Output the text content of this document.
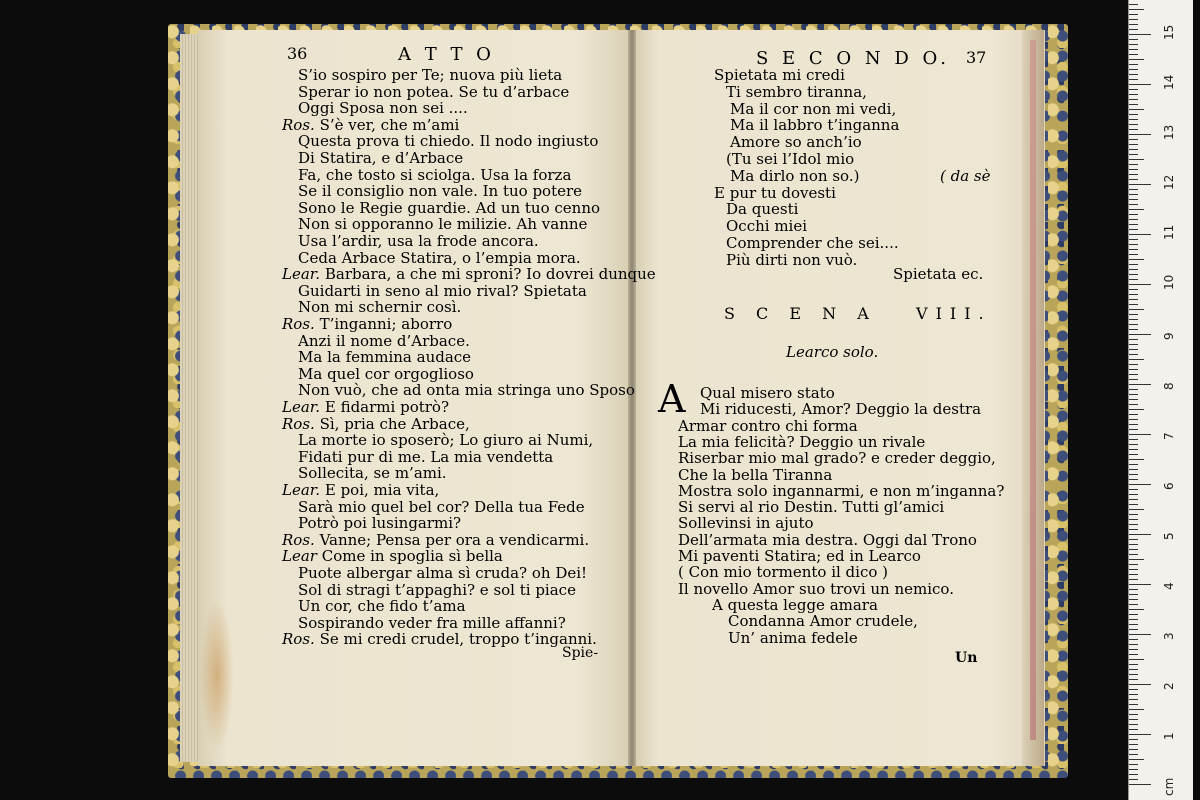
36	A T T O
S’io sospiro per Te; nuova più lieta
Sperar io non potea. Se tu d’arbace
Oggi Sposa non sei ....
Ros. S’è ver, che m’ami
Questa prova ti chiedo. Il nodo ingiusto
Di Statira, e d’Arbace
Fa, che tosto si sciolga. Usa la forza
Se il consiglio non vale. In tuo potere
Sono le Regie guardie. Ad un tuo cenno
Non si opporanno le milizie. Ah vanne
Usa l’ardir, usa la frode ancora.
Ceda Arbace Statira, o l’empia mora.
Lear. Barbara, a che mi sproni? Io dovrei dunque
Guidarti in seno al mio rival? Spietata
Non mi schernir così.
Ros. T’inganni; aborro
Anzi il nome d’Arbace.
Ma la femmina audace
Ma quel cor orgoglioso
Non vuò, che ad onta mia stringa uno Sposo
Lear. E fidarmi potrò?
Ros. Sì, pria che Arbace,
La morte io sposerò; Lo giuro ai Numi,
Fidati pur di me. La mia vendetta
Sollecita, se m’ami.
Lear. E poi, mia vita,
Sarà mio quel bel cor? Della tua Fede
Potrò poi lusingarmi?
Ros. Vanne; Pensa per ora a vendicarmi.
Lear Come in spoglia sì bella
Puote albergar alma sì cruda? oh Dei!
Sol di stragi t’appaghi? e sol ti piace
Un cor, che fido t’ama
Sospirando veder fra mille affanni?
Ros. Se mi credi crudel, troppo t’inganni.
Spie-
S E C O N D O. 37
Spietata mi credi
Ti sembro tiranna,
Ma il cor non mi vedi,
Ma il labbro t’inganna
Amore so anch’io
(Tu sei l’Idol mio
Ma dirlo non so.)
E pur tu dovesti
Da questi
Occhi miei
Comprender che sei....
Più dirti non vuò.
( da sè
Spietata ec.
S C E N A   VIII.
Learco solo.
A Qual misero stato
Mi riducesti, Amor? Deggio la destra
Armar contro chi forma
La mia felicità? Deggio un rivale
Riserbar mio mal grado? e creder deggio,
Che la bella Tiranna
Mostra solo ingannarmi, e non m’inganna?
Si servi al rio Destin. Tutti gl’amici
Sollevinsi in ajuto
Dell’armata mia destra. Oggi dal Trono
Mi paventi Statira; ed in Learco
( Con mio tormento il dico )
Il novello Amor suo trovi un nemico.
A questa legge amara
Condanna Amor crudele,
Un’ anima fedele
Un
1
2
3
4
5
6
7
8
9
10
11
12
13
14
15
cm
